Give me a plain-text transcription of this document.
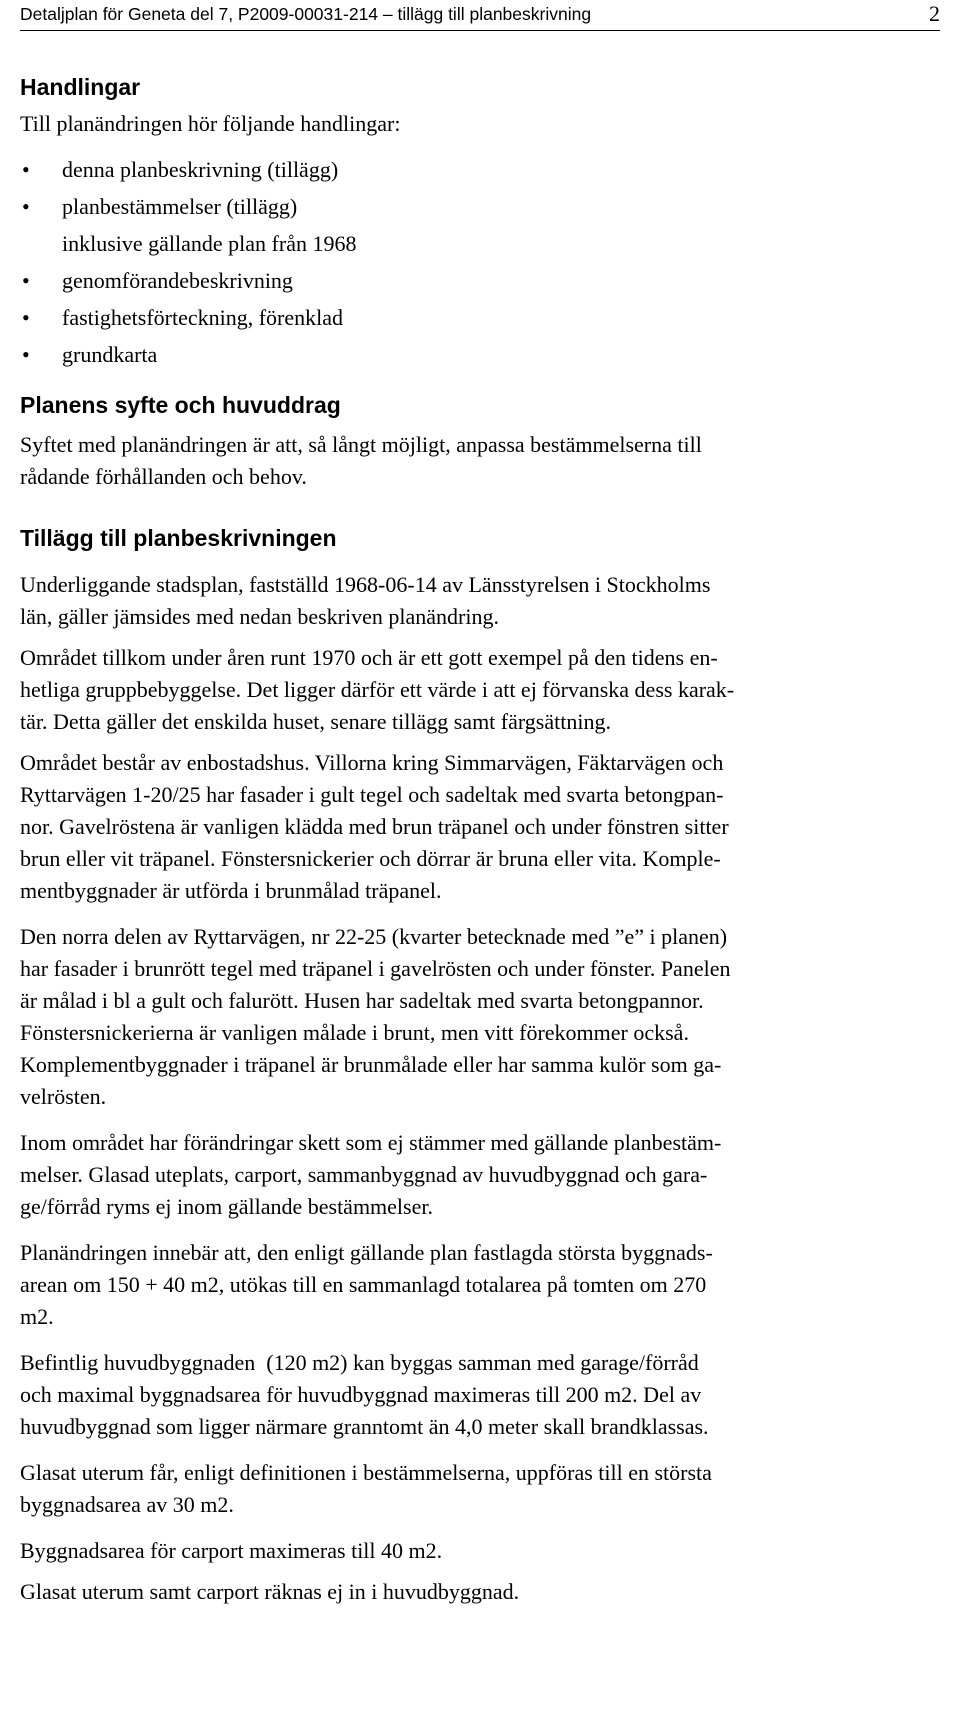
Detaljplan för Geneta del 7, P2009-00031-214 – tillägg till planbeskrivning	2
Handlingar

Till planändringen hör följande handlingar:

• denna planbeskrivning (tillägg)
• planbestämmelser (tillägg)
inklusive gällande plan från 1968
• genomförandebeskrivning
• fastighetsförteckning, förenklad
• grundkarta
Planens syfte och huvuddrag

Syftet med planändringen är att, så långt möjligt, anpassa bestämmelserna till

rådande förhållanden och behov.

Tillägg till planbeskrivningen

Underliggande stadsplan, fastställd 1968-06-14 av Länsstyrelsen i Stockholms

län, gäller jämsides med nedan beskriven planändring.

Området tillkom under åren runt 1970 och är ett gott exempel på den tidens en-

hetliga gruppbebyggelse. Det ligger därför ett värde i att ej förvanska dess karak-

tär. Detta gäller det enskilda huset, senare tillägg samt färgsättning.

Området består av enbostadshus. Villorna kring Simmarvägen, Fäktarvägen och

Ryttarvägen 1-20/25 har fasader i gult tegel och sadeltak med svarta betongpan-

nor. Gavelröstena är vanligen klädda med brun träpanel och under fönstren sitter

brun eller vit träpanel. Fönstersnickerier och dörrar är bruna eller vita. Komple-

mentbyggnader är utförda i brunmålad träpanel.

Den norra delen av Ryttarvägen, nr 22-25 (kvarter betecknade med ”e” i planen)

har fasader i brunrött tegel med träpanel i gavelrösten och under fönster. Panelen

är målad i bl a gult och falurött. Husen har sadeltak med svarta betongpannor.

Fönstersnickerierna är vanligen målade i brunt, men vitt förekommer också.

Komplementbyggnader i träpanel är brunmålade eller har samma kulör som ga-

velrösten.

Inom området har förändringar skett som ej stämmer med gällande planbestäm-

melser. Glasad uteplats, carport, sammanbyggnad av huvudbyggnad och gara-

ge/förråd ryms ej inom gällande bestämmelser.

Planändringen innebär att, den enligt gällande plan fastlagda största byggnads-

arean om 150 + 40 m2, utökas till en sammanlagd totalarea på tomten om 270

m2.

Befintlig huvudbyggnaden  (120 m2) kan byggas samman med garage/förråd

och maximal byggnadsarea för huvudbyggnad maximeras till 200 m2. Del av

huvudbyggnad som ligger närmare granntomt än 4,0 meter skall brandklassas.

Glasat uterum får, enligt definitionen i bestämmelserna, uppföras till en största

byggnadsarea av 30 m2.

Byggnadsarea för carport maximeras till 40 m2.

Glasat uterum samt carport räknas ej in i huvudbyggnad.
